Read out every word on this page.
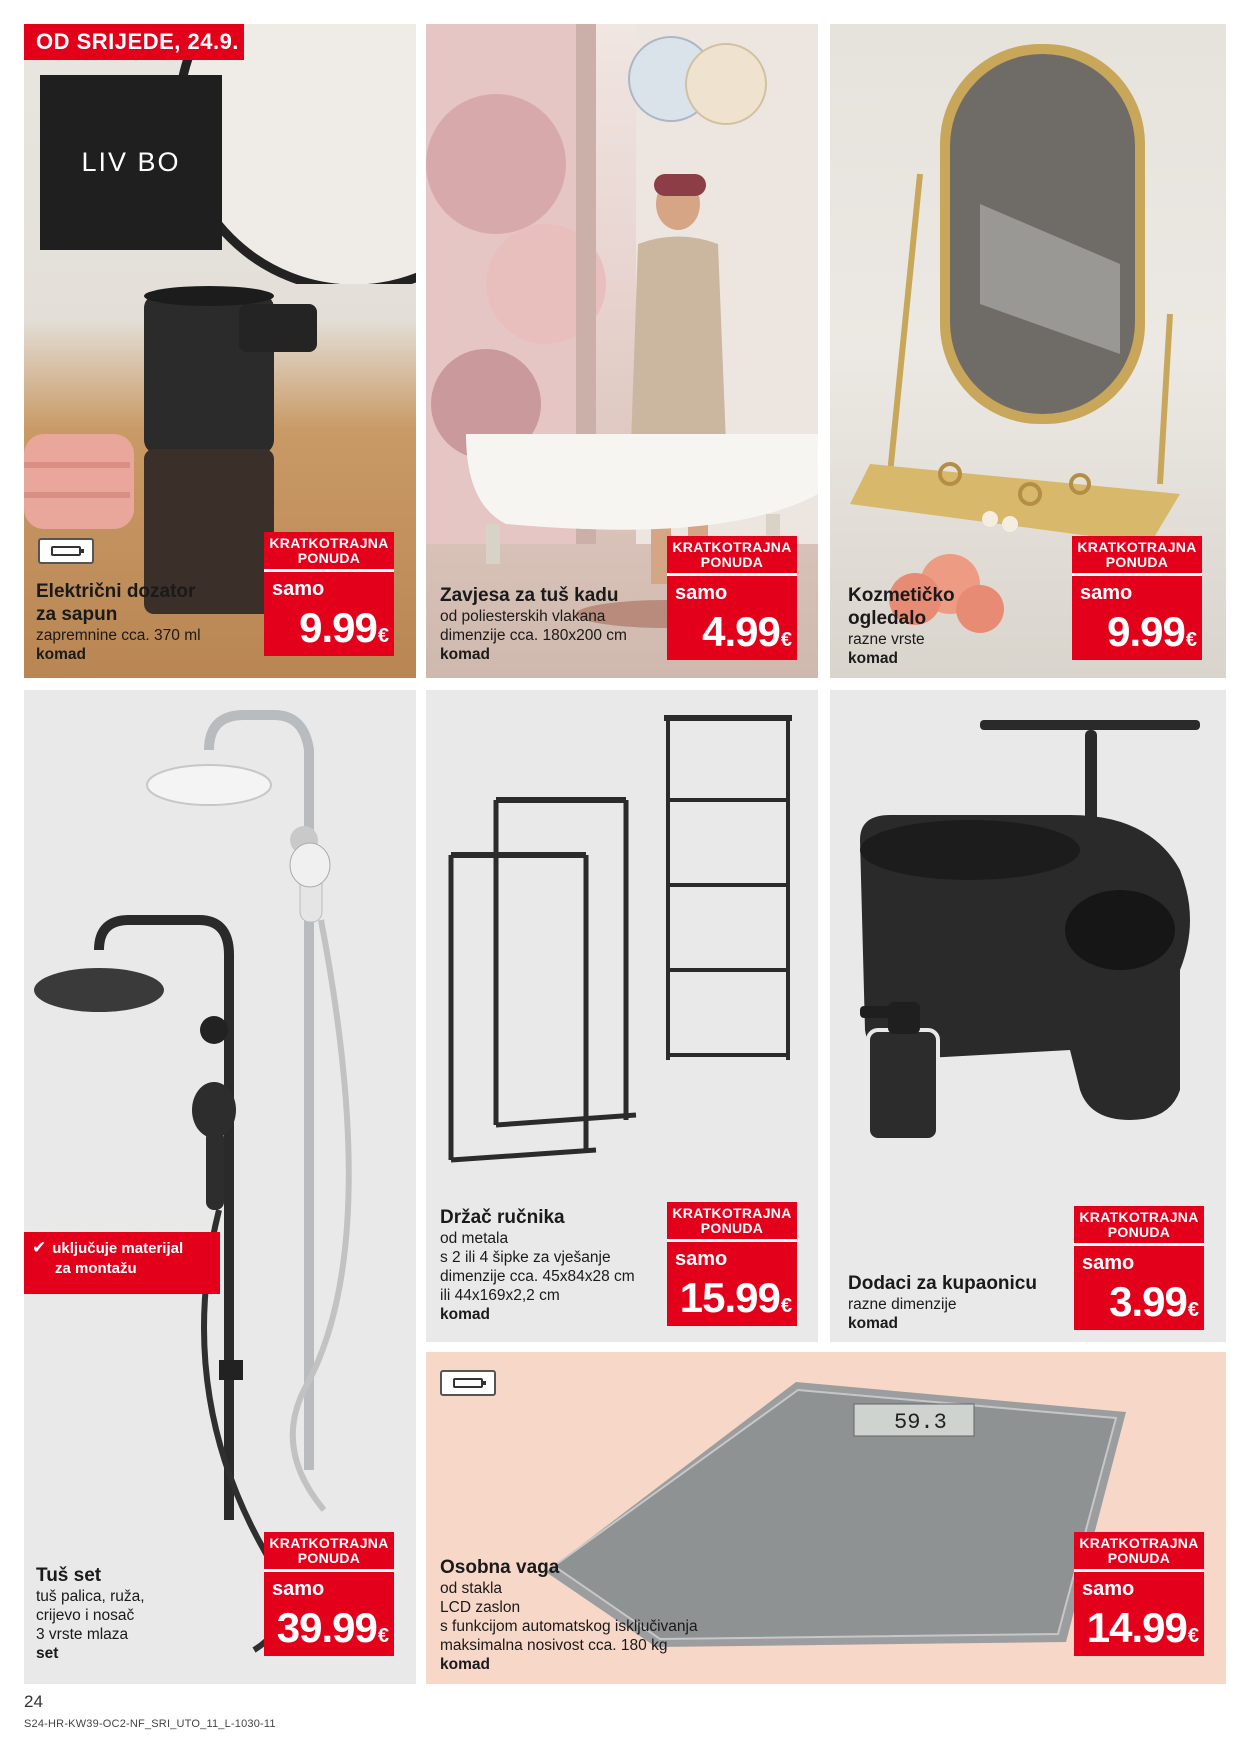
OD SRIJEDE, 24.9.
LIV BO
Električni dozator
za sapun
zapremnine cca. 370 ml
komad
KRATKOTRAJNA PONUDA
samo
9.99€
Zavjesa za tuš kadu
od poliesterskih vlakana
dimenzije cca. 180x200 cm
komad
KRATKOTRAJNA PONUDA
samo
4.99€
Kozmetičko
ogledalo
razne vrste
komad
KRATKOTRAJNA PONUDA
samo
9.99€
✔ uključuje materijal
za montažu
Tuš set
tuš palica, ruža,
crijevo i nosač
3 vrste mlaza
set
KRATKOTRAJNA PONUDA
samo
39.99€
Držač ručnika
od metala
s 2 ili 4 šipke za vješanje
dimenzije cca. 45x84x28 cm
ili 44x169x2,2 cm
komad
KRATKOTRAJNA PONUDA
samo
15.99€
Dodaci za kupaonicu
razne dimenzije
komad
KRATKOTRAJNA PONUDA
samo
3.99€
59.3
Osobna vaga
od stakla
LCD zaslon
s funkcijom automatskog isključivanja
maksimalna nosivost cca. 180 kg
komad
KRATKOTRAJNA PONUDA
samo
14.99€
24
S24-HR-KW39-OC2-NF_SRI_UTO_11_L-1030-11
